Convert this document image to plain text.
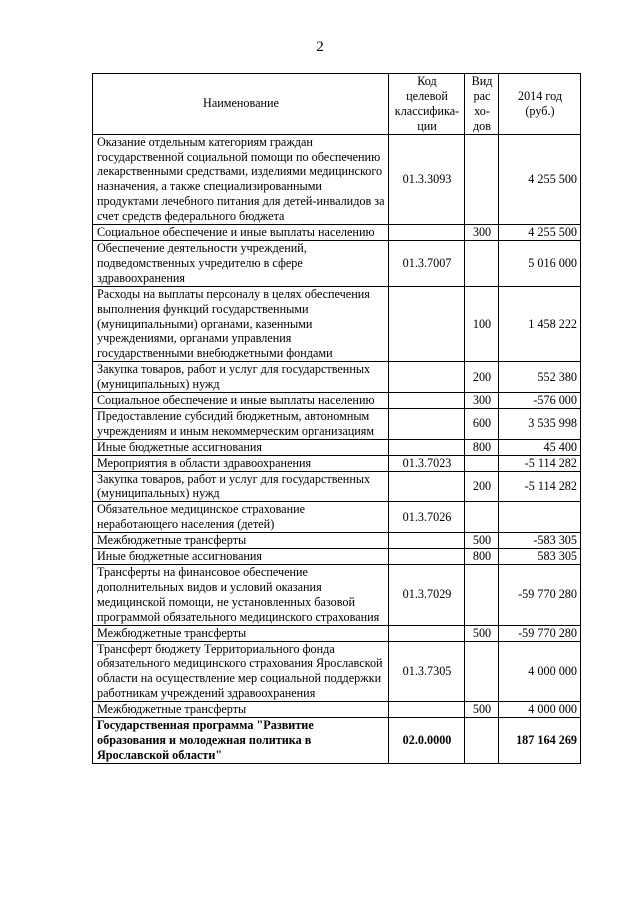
2
Наименование	Код
целевой
классифика-
ции	Вид
рас
хо-
дов	2014 год
(руб.)
Оказание отдельным категориям граждан государственной социальной помощи по обеспечению лекарственными средствами, изделиями медицинского назначения, а также специализированными продуктами лечебного питания для детей-инвалидов за счет средств федерального бюджета	01.3.3093		4 255 500
Социальное обеспечение и иные выплаты населению		300	4 255 500
Обеспечение деятельности учреждений, подведомственных учредителю в сфере здравоохранения	01.3.7007		5 016 000
Расходы на выплаты персоналу в целях обеспечения выполнения функций государственными (муниципальными) органами, казенными учреждениями, органами управления государственными внебюджетными фондами		100	1 458 222
Закупка товаров, работ и услуг для государственных (муниципальных) нужд		200	552 380
Социальное обеспечение и иные выплаты населению		300	-576 000
Предоставление субсидий бюджетным, автономным учреждениям и иным некоммерческим организациям		600	3 535 998
Иные бюджетные ассигнования		800	45 400
Мероприятия в области здравоохранения	01.3.7023		-5 114 282
Закупка товаров, работ и услуг для государственных (муниципальных) нужд		200	-5 114 282
Обязательное медицинское страхование неработающего населения (детей)	01.3.7026		
Межбюджетные трансферты		500	-583 305
Иные бюджетные ассигнования		800	583 305
Трансферты на финансовое обеспечение дополнительных видов и условий оказания медицинской помощи, не установленных базовой программой обязательного медицинского страхования	01.3.7029		-59 770 280
Межбюджетные трансферты		500	-59 770 280
Трансферт бюджету Территориального фонда обязательного медицинского страхования Ярославской области на осуществление мер социальной поддержки работникам учреждений здравоохранения	01.3.7305		4 000 000
Межбюджетные трансферты		500	4 000 000
Государственная программа "Развитие образования и молодежная политика в Ярославской области"	02.0.0000		187 164 269
